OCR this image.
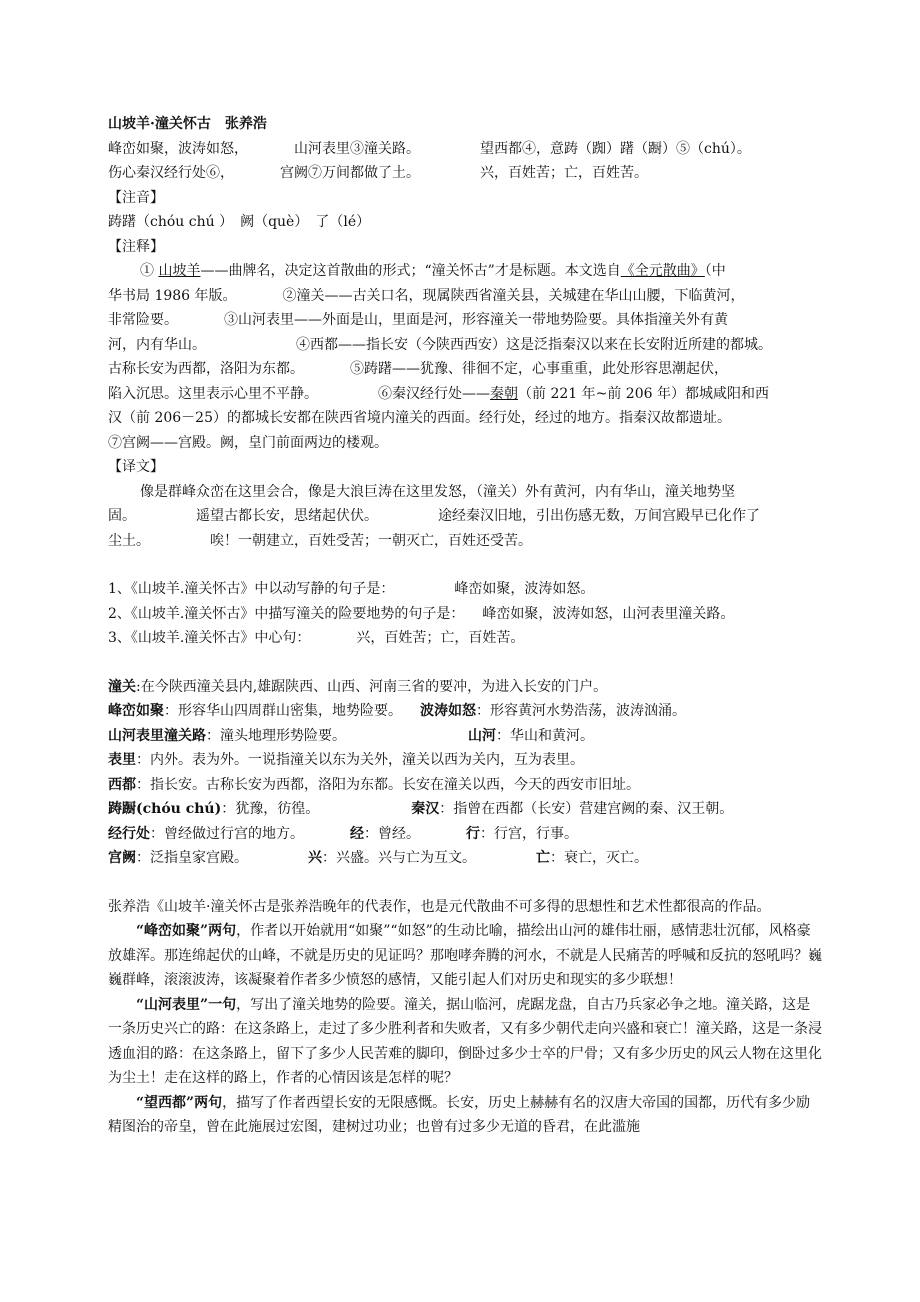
山坡羊·潼关怀古　张养浩
峰峦如聚，波涛如怒，	山河表里③潼关路。	望西都④，意踌（踟）躇（蹰）⑤（chú）。
伤心秦汉经行处⑥，	宫阙⑦万间都做了土。	兴，百姓苦；亡，百姓苦。
【注音】
踌躇（chóu chú ）　阙（què）　了（lé）
【注释】
① 山坡羊——曲牌名，决定这首散曲的形式；“潼关怀古”才是标题。本文选自《全元散曲》（中
华书局 1986 年版。	②潼关——古关口名，现属陕西省潼关县，关城建在华山山腰，下临黄河，
非常险要。	③山河表里——外面是山，里面是河，形容潼关一带地势险要。具体指潼关外有黄
河，内有华山。	④西都——指长安（今陕西西安）这是泛指秦汉以来在长安附近所建的都城。
古称长安为西都，洛阳为东都。	⑤踌躇——犹豫、徘徊不定，心事重重，此处形容思潮起伏，
陷入沉思。这里表示心里不平静。	⑥秦汉经行处——秦朝（前 221 年~前 206 年）都城咸阳和西
汉（前 206－25）的都城长安都在陕西省境内潼关的西面。经行处，经过的地方。指秦汉故都遗址。
⑦宫阙——宫殿。阙，皇门前面两边的楼观。
【译文】
像是群峰众峦在这里会合，像是大浪巨涛在这里发怒，（潼关）外有黄河，内有华山，潼关地势坚
固。	遥望古都长安，思绪起伏伏。	途经秦汉旧地，引出伤感无数，万间宫殿早已化作了
尘土。	唉！一朝建立，百姓受苦；一朝灭亡，百姓还受苦。
1、《山坡羊.潼关怀古》中以动写静的句子是：	峰峦如聚，波涛如怒。
2、《山坡羊.潼关怀古》中描写潼关的险要地势的句子是： 峰峦如聚，波涛如怒，山河表里潼关路。
3、《山坡羊.潼关怀古》中心句：	兴，百姓苦；亡，百姓苦。
潼关:在今陕西潼关县内,雄踞陕西、山西、河南三省的要冲，为进入长安的门户。
峰峦如聚：形容华山四周群山密集，地势险要。 波涛如怒：形容黄河水势浩荡，波涛汹涌。
山河表里潼关路：潼头地理形势险要。	山河：华山和黄河。
表里：内外。表为外。一说指潼关以东为关外，潼关以西为关内，互为表里。
西都：指长安。古称长安为西都，洛阳为东都。长安在潼关以西，今天的西安市旧址。
踌蹰(chóu chú)：犹豫，彷徨。	秦汉：指曾在西都（长安）营建宫阙的秦、汉王朝。
经行处：曾经做过行宫的地方。	经：曾经。	行：行宫，行事。
宫阙：泛指皇家宫殿。	兴：兴盛。兴与亡为互文。	亡：衰亡，灭亡。
张养浩《山坡羊·潼关怀古是张养浩晚年的代表作，也是元代散曲不可多得的思想性和艺术性都很高的作品。
“峰峦如聚”两句，作者以开始就用“如聚”“如怒”的生动比喻，描绘出山河的雄伟壮丽，感情悲壮沉郁，风格豪放雄浑。那连绵起伏的山峰，不就是历史的见证吗？那咆哮奔腾的河水，不就是人民痛苦的呼喊和反抗的怒吼吗？巍巍群峰，滚滚波涛，该凝聚着作者多少愤怒的感情，又能引起人们对历史和现实的多少联想！
“山河表里”一句，写出了潼关地势的险要。潼关，据山临河，虎踞龙盘，自古乃兵家必争之地。潼关路，这是一条历史兴亡的路：在这条路上，走过了多少胜利者和失败者，又有多少朝代走向兴盛和衰亡！潼关路，这是一条浸透血泪的路：在这条路上，留下了多少人民苦难的脚印，倒卧过多少士卒的尸骨；又有多少历史的风云人物在这里化为尘土！走在这样的路上，作者的心情因该是怎样的呢？
“望西都”两句，描写了作者西望长安的无限感慨。长安，历史上赫赫有名的汉唐大帝国的国都，历代有多少励精图治的帝皇，曾在此施展过宏图，建树过功业；也曾有过多少无道的昏君，在此滥施
